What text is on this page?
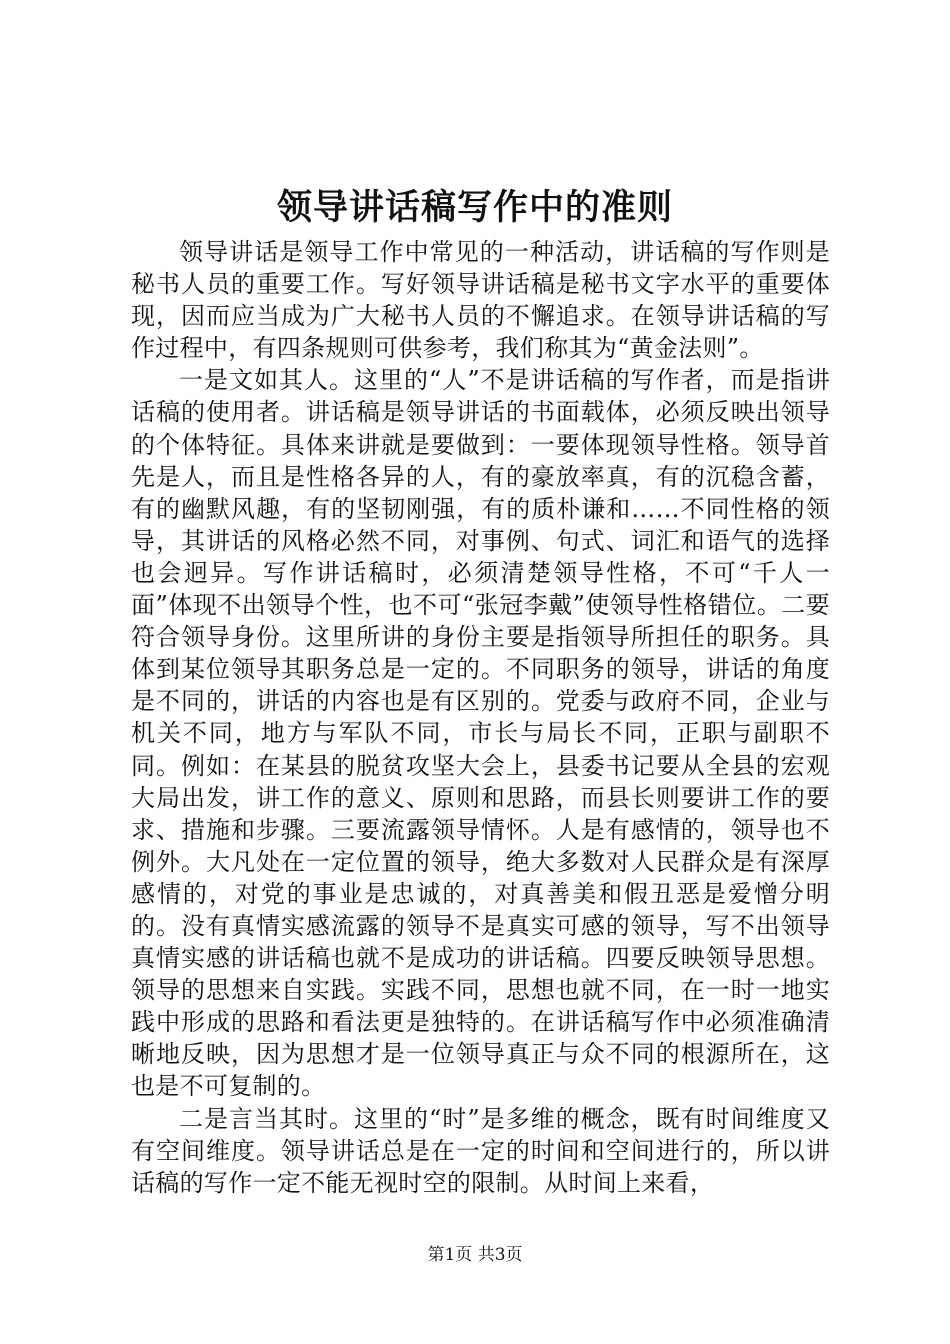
领导讲话稿写作中的准则

领导讲话是领导工作中常见的一种活动，讲话稿的写作则是秘书人员的重要工作。写好领导讲话稿是秘书文字水平的重要体现，因而应当成为广大秘书人员的不懈追求。在领导讲话稿的写作过程中，有四条规则可供参考，我们称其为“黄金法则”。

一是文如其人。这里的“人”不是讲话稿的写作者，而是指讲话稿的使用者。讲话稿是领导讲话的书面载体，必须反映出领导的个体特征。具体来讲就是要做到：一要体现领导性格。领导首先是人，而且是性格各异的人，有的豪放率真，有的沉稳含蓄，有的幽默风趣，有的坚韧刚强，有的质朴谦和……不同性格的领导，其讲话的风格必然不同，对事例、句式、词汇和语气的选择也会迥异。写作讲话稿时，必须清楚领导性格，不可“千人一面”体现不出领导个性，也不可“张冠李戴”使领导性格错位。二要符合领导身份。这里所讲的身份主要是指领导所担任的职务。具体到某位领导其职务总是一定的。不同职务的领导，讲话的角度是不同的，讲话的内容也是有区别的。党委与政府不同，企业与机关不同，地方与军队不同，市长与局长不同，正职与副职不同。例如：在某县的脱贫攻坚大会上，县委书记要从全县的宏观大局出发，讲工作的意义、原则和思路，而县长则要讲工作的要求、措施和步骤。三要流露领导情怀。人是有感情的，领导也不例外。大凡处在一定位置的领导，绝大多数对人民群众是有深厚感情的，对党的事业是忠诚的，对真善美和假丑恶是爱憎分明的。没有真情实感流露的领导不是真实可感的领导，写不出领导真情实感的讲话稿也就不是成功的讲话稿。四要反映领导思想。领导的思想来自实践。实践不同，思想也就不同，在一时一地实践中形成的思路和看法更是独特的。在讲话稿写作中必须准确清晰地反映，因为思想才是一位领导真正与众不同的根源所在，这也是不可复制的。

二是言当其时。这里的“时”是多维的概念，既有时间维度又有空间维度。领导讲话总是在一定的时间和空间进行的，所以讲话稿的写作一定不能无视时空的限制。从时间上来看，

第1页 共3页
